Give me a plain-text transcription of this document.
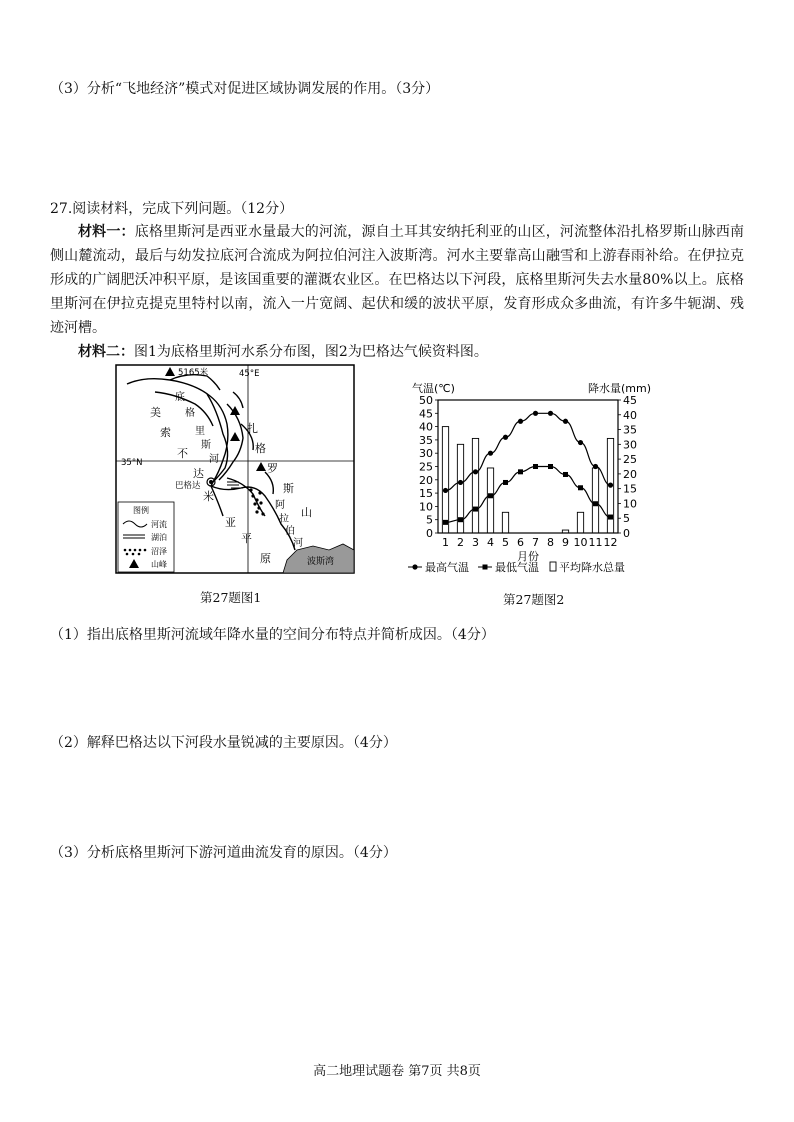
（3）分析“飞地经济”模式对促进区域协调发展的作用。（3分）
27.阅读材料，完成下列问题。（12分）
材料一：底格里斯河是西亚水量最大的河流，源自土耳其安纳托利亚的山区，河流整体沿扎格罗斯山脉西南侧山麓流动，最后与幼发拉底河合流成为阿拉伯河注入波斯湾。河水主要靠高山融雪和上游春雨补给。在伊拉克形成的广阔肥沃冲积平原，是该国重要的灌溉农业区。在巴格达以下河段，底格里斯河失去水量80%以上。底格里斯河在伊拉克提克里特村以南，流入一片宽阔、起伏和缓的波状平原，发育形成众多曲流，有许多牛轭湖、残迹河槽。
材料二：图1为底格里斯河水系分布图，图2为巴格达气候资料图。
5165米	45°E
35°N
巴格达
波斯湾
美
索
不
达
米
亚
平
原
扎
格
罗
斯
山
底
格
里
斯
河
阿
拉
伯
河
图例
河流
湖泊
沼泽
山峰
气温(℃)	降水量(mm)
0
5
10
15
20
25
30
35
40
45
50
0
5
10
15
20
25
30
35
40
45
1 2 3 4 5 6 7 8 9 10 11 12
月份
最高气温 最低气温 平均降水总量
第27题图1	第27题图2
（1）指出底格里斯河流域年降水量的空间分布特点并简析成因。（4分）
（2）解释巴格达以下河段水量锐减的主要原因。（4分）
（3）分析底格里斯河下游河道曲流发育的原因。（4分）
高二地理试题卷 第7页 共8页
